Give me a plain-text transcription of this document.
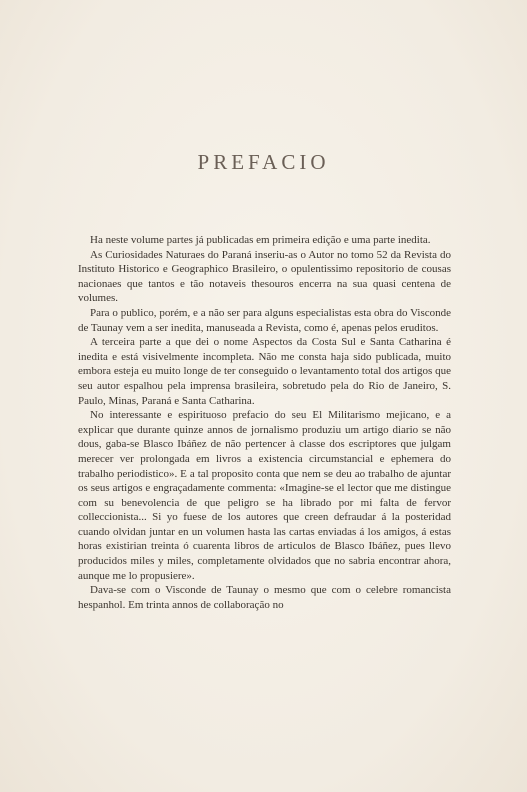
PREFACIO

Ha neste volume partes já publicadas em primeira edição e uma parte inedita.

As Curiosidades Naturaes do Paraná inseriu-as o Autor no tomo 52 da Revista do Instituto Historico e Geographico Brasileiro, o opulentissimo repositorio de cousas nacionaes que tantos e tão notaveis thesouros encerra na sua quasi centena de volumes.

Para o publico, porém, e a não ser para alguns especialistas esta obra do Visconde de Taunay vem a ser inedita, manuseada a Revista, como é, apenas pelos eruditos.

A terceira parte a que dei o nome Aspectos da Costa Sul e Santa Catharina é inedita e está visivelmente incompleta. Não me consta haja sido publicada, muito embora esteja eu muito longe de ter conseguido o levantamento total dos artigos que seu autor espalhou pela imprensa brasileira, sobretudo pela do Rio de Janeiro, S. Paulo, Minas, Paraná e Santa Catharina.

No interessante e espirituoso prefacio do seu El Militarismo mejicano, e a explicar que durante quinze annos de jornalismo produziu um artigo diario se não dous, gaba-se Blasco Ibáñez de não pertencer à classe dos escriptores que julgam merecer ver prolongada em livros a existencia circumstancial e ephemera do trabalho periodistico». E a tal proposito conta que nem se deu ao trabalho de ajuntar os seus artigos e engraçadamente commenta: «Imagine-se el lector que me distingue com su benevolencia de que peligro se ha librado por mi falta de fervor colleccionista... Si yo fuese de los autores que creen defraudar á la posteridad cuando olvidan juntar en un volumen hasta las cartas enviadas á los amigos, á estas horas existirian treinta ó cuarenta libros de articulos de Blasco Ibáñez, pues llevo producidos miles y miles, completamente olvidados que no sabria encontrar ahora, aunque me lo propusiere».

Dava-se com o Visconde de Taunay o mesmo que com o celebre romancista hespanhol. Em trinta annos de collaboração no
